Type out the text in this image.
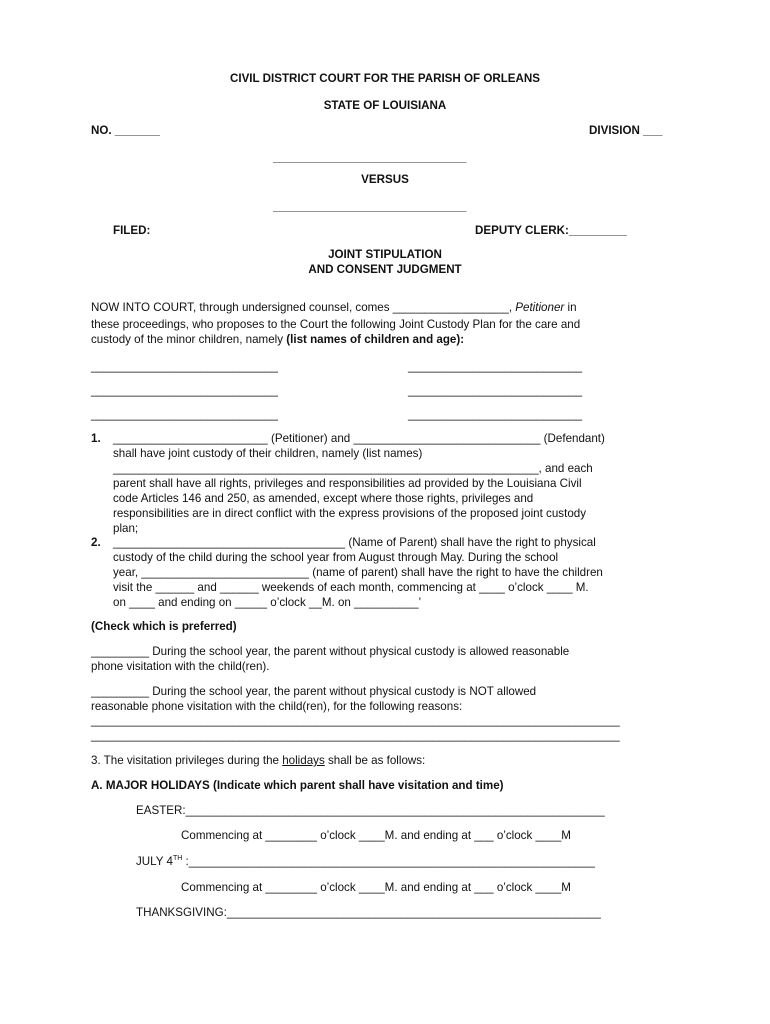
CIVIL DISTRICT COURT FOR THE PARISH OF ORLEANS
STATE OF LOUISIANA
NO. _______	DIVISION ___
______________________________
VERSUS
______________________________
FILED:	DEPUTY CLERK:_________
JOINT STIPULATION
AND CONSENT JUDGMENT
NOW INTO COURT, through undersigned counsel, comes __________________, Petitioner in
these proceedings, who proposes to the Court the following Joint Custody Plan for the care and
custody of the minor children, namely (list names of children and age):
_____________________________	___________________________
_____________________________	___________________________
_____________________________	___________________________
1. ________________________ (Petitioner) and _____________________________ (Defendant)
shall have joint custody of their children, namely (list names)
__________________________________________________________________, and each
parent shall have all rights, privileges and responsibilities ad provided by the Louisiana Civil
code Articles 146 and 250, as amended, except where those rights, privileges and
responsibilities are in direct conflict with the express provisions of the proposed joint custody
plan;
2. ____________________________________ (Name of Parent) shall have the right to physical
custody of the child during the school year from August through May. During the school
year, __________________________ (name of parent) shall have the right to have the children
visit the ______ and ______ weekends of each month, commencing at ____ o’clock ____ M.
on ____ and ending on _____ o’clock __M. on __________’
(Check which is preferred)
_________ During the school year, the parent without physical custody is allowed reasonable
phone visitation with the child(ren).
_________ During the school year, the parent without physical custody is NOT allowed
reasonable phone visitation with the child(ren), for the following reasons:
__________________________________________________________________________________
__________________________________________________________________________________
3. The visitation privileges during the holidays shall be as follows:
A. MAJOR HOLIDAYS (Indicate which parent shall have visitation and time)
EASTER:_________________________________________________________________
Commencing at ________ o’clock ____M. and ending at ___ o’clock ____M
JULY 4TH :_______________________________________________________________
Commencing at ________ o’clock ____M. and ending at ___ o’clock ____M
THANKSGIVING:__________________________________________________________
